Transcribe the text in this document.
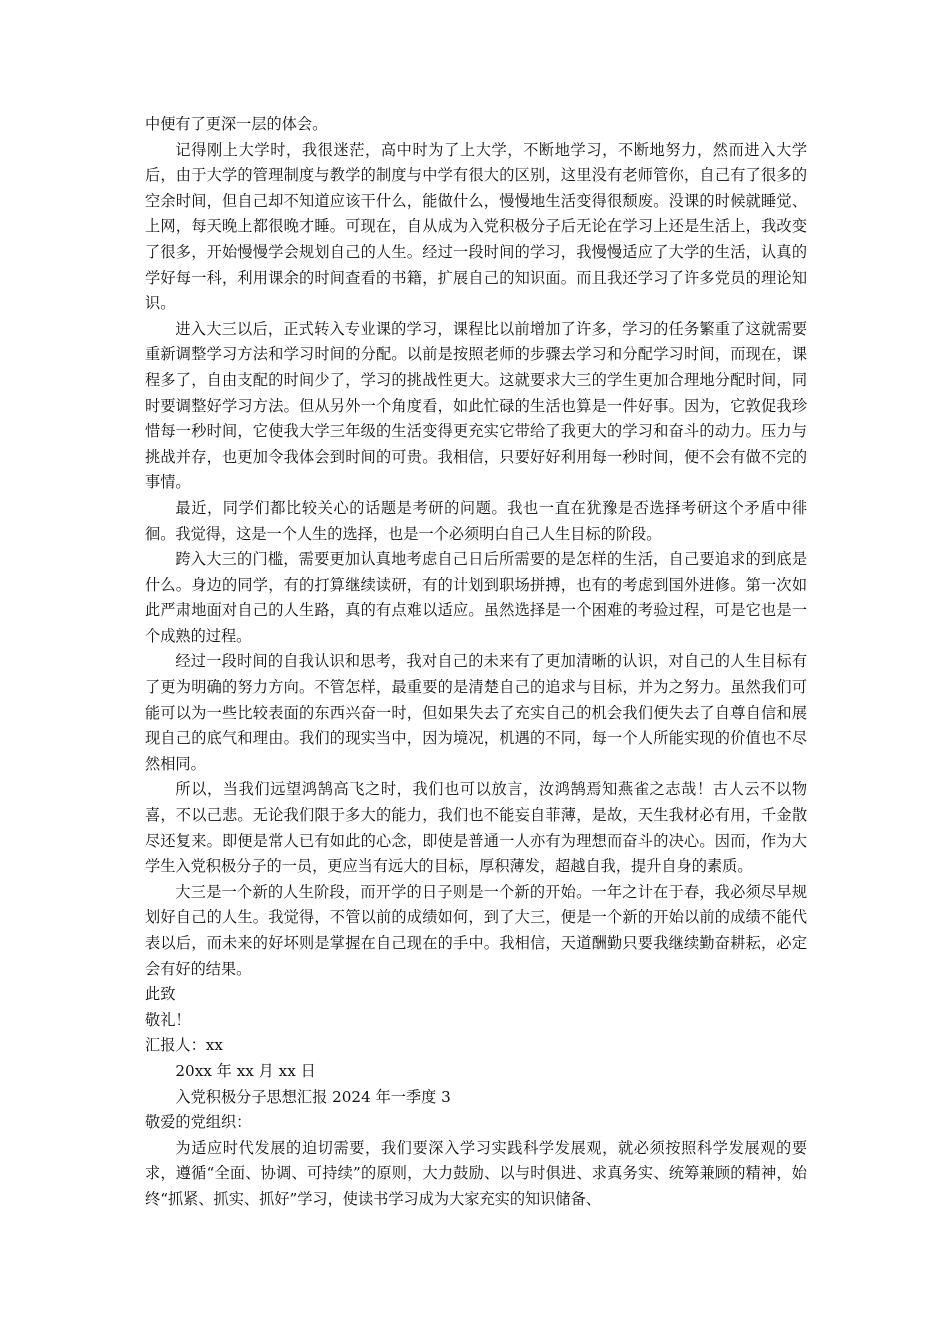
中便有了更深一层的体会。

记得刚上大学时，我很迷茫，高中时为了上大学，不断地学习，不断地努力，然而进入大学后，由于大学的管理制度与教学的制度与中学有很大的区别，这里没有老师管你，自己有了很多的空余时间，但自己却不知道应该干什么，能做什么，慢慢地生活变得很颓废。没课的时候就睡觉、上网，每天晚上都很晚才睡。可现在，自从成为入党积极分子后无论在学习上还是生活上，我改变了很多，开始慢慢学会规划自己的人生。经过一段时间的学习，我慢慢适应了大学的生活，认真的学好每一科，利用课余的时间查看的书籍，扩展自己的知识面。而且我还学习了许多党员的理论知识。

进入大三以后，正式转入专业课的学习，课程比以前增加了许多，学习的任务繁重了这就需要重新调整学习方法和学习时间的分配。以前是按照老师的步骤去学习和分配学习时间，而现在，课程多了，自由支配的时间少了，学习的挑战性更大。这就要求大三的学生更加合理地分配时间，同时要调整好学习方法。但从另外一个角度看，如此忙碌的生活也算是一件好事。因为，它敦促我珍惜每一秒时间，它使我大学三年级的生活变得更充实它带给了我更大的学习和奋斗的动力。压力与挑战并存，也更加令我体会到时间的可贵。我相信，只要好好利用每一秒时间，便不会有做不完的事情。

最近，同学们都比较关心的话题是考研的问题。我也一直在犹豫是否选择考研这个矛盾中徘徊。我觉得，这是一个人生的选择，也是一个必须明白自己人生目标的阶段。

跨入大三的门槛，需要更加认真地考虑自己日后所需要的是怎样的生活，自己要追求的到底是什么。身边的同学，有的打算继续读研，有的计划到职场拼搏，也有的考虑到国外进修。第一次如此严肃地面对自己的人生路，真的有点难以适应。虽然选择是一个困难的考验过程，可是它也是一个成熟的过程。

经过一段时间的自我认识和思考，我对自己的未来有了更加清晰的认识，对自己的人生目标有了更为明确的努力方向。不管怎样，最重要的是清楚自己的追求与目标，并为之努力。虽然我们可能可以为一些比较表面的东西兴奋一时，但如果失去了充实自己的机会我们便失去了自尊自信和展现自己的底气和理由。我们的现实当中，因为境况，机遇的不同，每一个人所能实现的价值也不尽然相同。

所以，当我们远望鸿鹄高飞之时，我们也可以放言，汝鸿鹄焉知燕雀之志哉！古人云不以物喜，不以己悲。无论我们限于多大的能力，我们也不能妄自菲薄，是故，天生我材必有用，千金散尽还复来。即便是常人已有如此的心念，即使是普通一人亦有为理想而奋斗的决心。因而，作为大学生入党积极分子的一员，更应当有远大的目标，厚积薄发，超越自我，提升自身的素质。

大三是一个新的人生阶段，而开学的日子则是一个新的开始。一年之计在于春，我必须尽早规划好自己的人生。我觉得，不管以前的成绩如何，到了大三，便是一个新的开始以前的成绩不能代表以后，而未来的好坏则是掌握在自己现在的手中。我相信，天道酬勤只要我继续勤奋耕耘，必定会有好的结果。

此致

敬礼！

汇报人：xx

20xx 年 xx 月 xx 日

入党积极分子思想汇报 2024 年一季度 3

敬爱的党组织：

为适应时代发展的迫切需要，我们要深入学习实践科学发展观，就必须按照科学发展观的要求，遵循“全面、协调、可持续”的原则，大力鼓励、以与时俱进、求真务实、统筹兼顾的精神，始终“抓紧、抓实、抓好”学习，使读书学习成为大家充实的知识储备、
